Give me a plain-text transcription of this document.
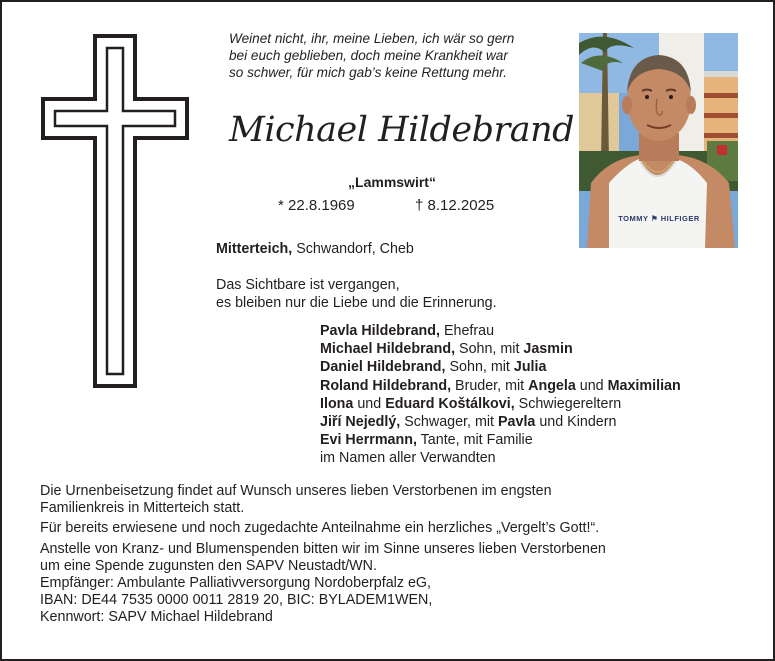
Weinet nicht, ihr, meine Lieben, ich wär so gern
bei euch geblieben, doch meine Krankheit war
so schwer, für mich gab’s keine Rettung mehr.
Michael Hildebrand
„Lammswirt“
* 22.8.1969	† 8.12.2025
Mitterteich, Schwandorf, Cheb
Das Sichtbare ist vergangen,
es bleiben nur die Liebe und die Erinnerung.
Pavla Hildebrand, Ehefrau
Michael Hildebrand, Sohn, mit Jasmin
Daniel Hildebrand, Sohn, mit Julia
Roland Hildebrand, Bruder, mit Angela und Maximilian
Ilona und Eduard Koštálkovi, Schwiegereltern
Jiří Nejedlý, Schwager, mit Pavla und Kindern
Evi Herrmann, Tante, mit Familie
im Namen aller Verwandten
Die Urnenbeisetzung findet auf Wunsch unseres lieben Verstorbenen im engsten
Familienkreis in Mitterteich statt.
Für bereits erwiesene und noch zugedachte Anteilnahme ein herzliches „Vergelt’s Gott!“.
Anstelle von Kranz- und Blumenspenden bitten wir im Sinne unseres lieben Verstorbenen
um eine Spende zugunsten den SAPV Neustadt/WN.
Empfänger: Ambulante Palliativversorgung Nordoberpfalz eG,
IBAN: DE44 7535 0000 0011 2819 20, BIC: BYLADEM1WEN,
Kennwort: SAPV Michael Hildebrand
TOMMY ⚑ HILFIGER
